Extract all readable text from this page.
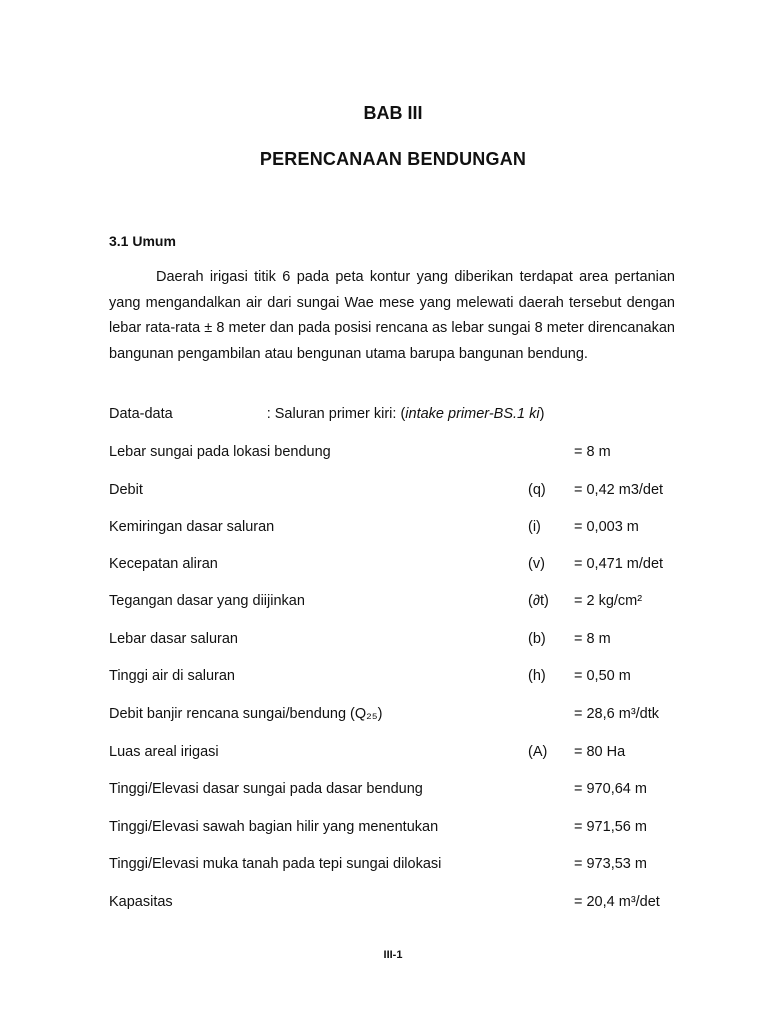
BAB III
PERENCANAAN BENDUNGAN
3.1 Umum

Daerah irigasi titik 6 pada peta kontur yang diberikan terdapat area pertanian yang mengandalkan air dari sungai Wae mese yang melewati daerah tersebut dengan lebar rata-rata ± 8 meter dan pada posisi rencana as lebar sungai 8 meter direncanakan bangunan pengambilan atau bengunan utama barupa bangunan bendung.

Data-data	: Saluran primer kiri: (intake primer-BS.1 ki)
Lebar sungai pada lokasi bendung	= 8 m
Debit	(q) = 0,42 m3/det
Kemiringan dasar saluran	(i) = 0,003 m
Kecepatan aliran	(v) = 0,471 m/det
Tegangan dasar yang diijinkan	(∂t) = 2 kg/cm²
Lebar dasar saluran	(b) = 8 m
Tinggi air di saluran	(h) = 0,50 m
Debit banjir rencana sungai/bendung (Q₂₅)	= 28,6 m³/dtk
Luas areal irigasi	(A) = 80 Ha
Tinggi/Elevasi dasar sungai pada dasar bendung	= 970,64 m
Tinggi/Elevasi sawah bagian hilir yang menentukan	= 971,56 m
Tinggi/Elevasi muka tanah pada tepi sungai dilokasi	= 973,53 m
Kapasitas	= 20,4 m³/det
III-1
